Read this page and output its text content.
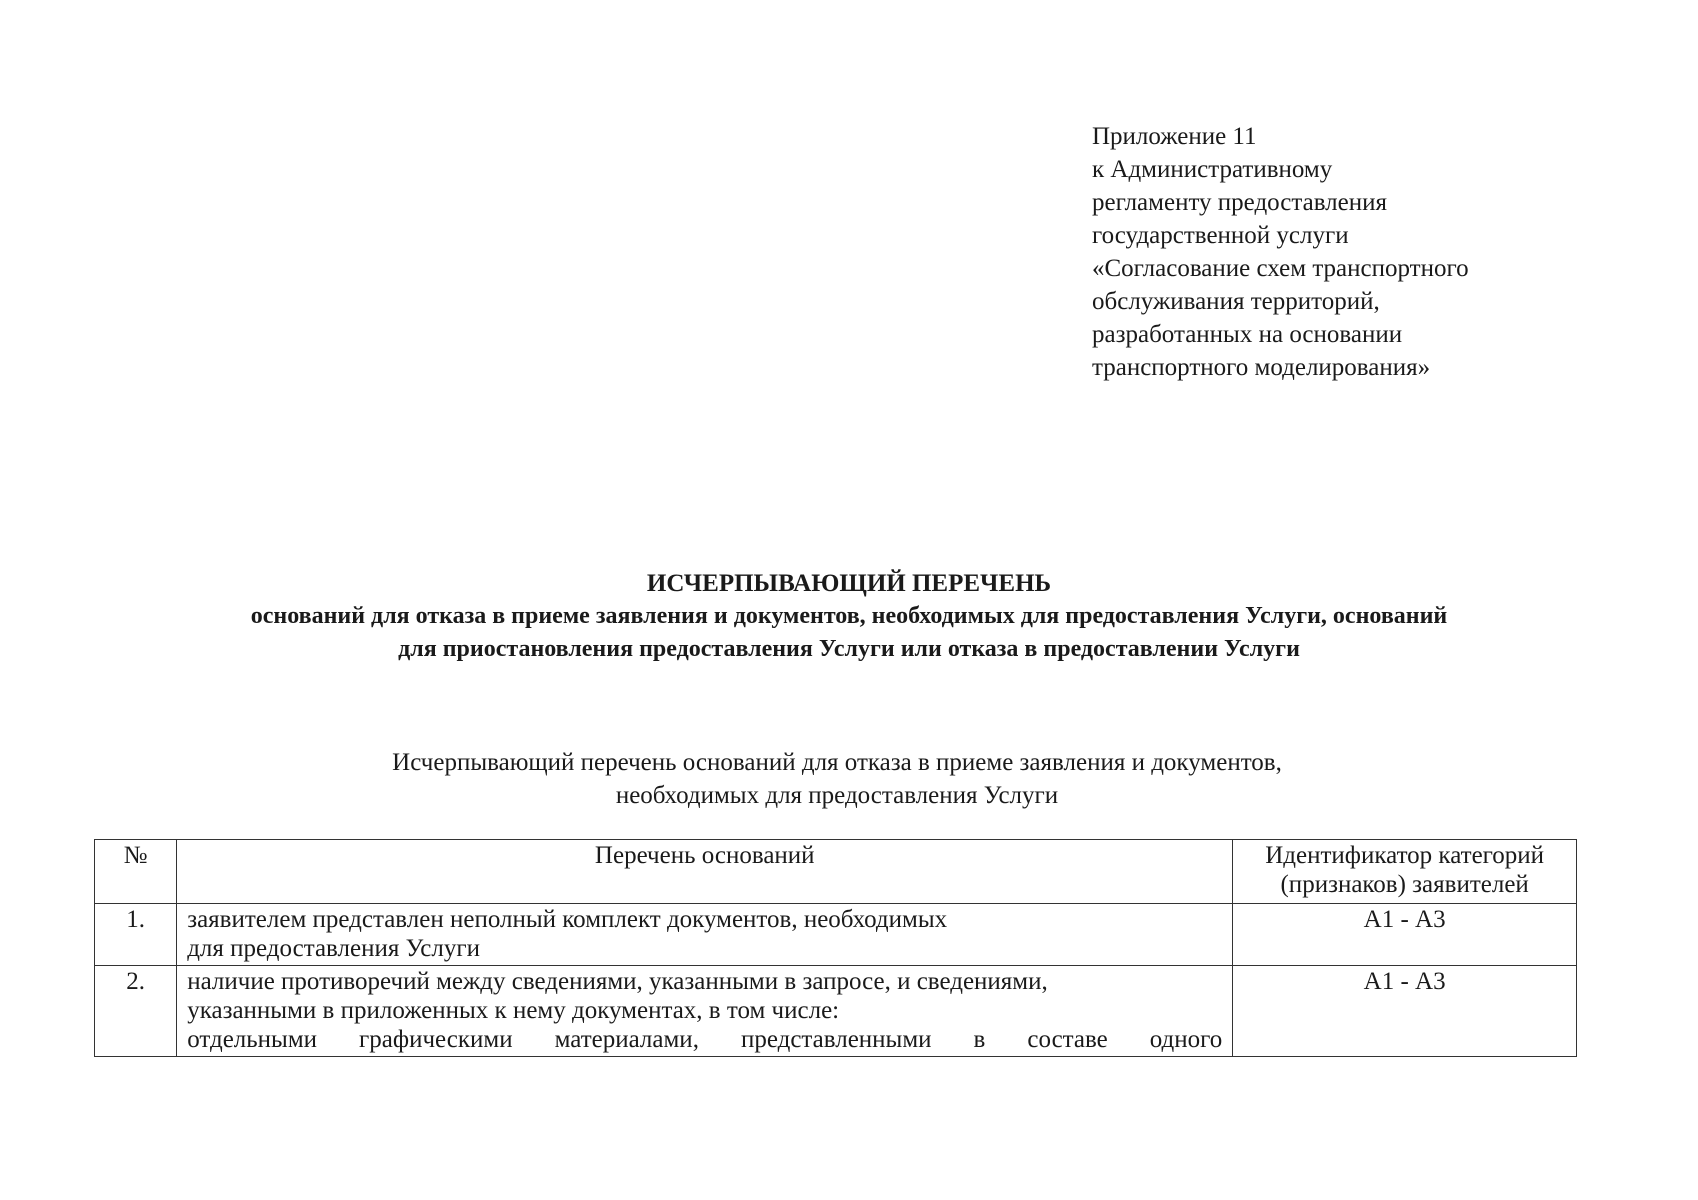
Приложение 11
к Административному
регламенту предоставления
государственной услуги
«Согласование схем транспортного
обслуживания территорий,
разработанных на основании
транспортного моделирования»
ИСЧЕРПЫВАЮЩИЙ ПЕРЕЧЕНЬ
оснований для отказа в приеме заявления и документов, необходимых для предоставления Услуги, оснований
для приостановления предоставления Услуги или отказа в предоставлении Услуги
Исчерпывающий перечень оснований для отказа в приеме заявления и документов,
необходимых для предоставления Услуги
№	Перечень оснований	Идентификатор категорий (признаков) заявителей
1.	заявителем представлен неполный комплект документов, необходимых
для предоставления Услуги	А1 - А3
2.	наличие противоречий между сведениями, указанными в запросе, и сведениями,
указанными в приложенных к нему документах, в том числе:
отдельными графическими материалами, представленными в составе одного	А1 - А3
